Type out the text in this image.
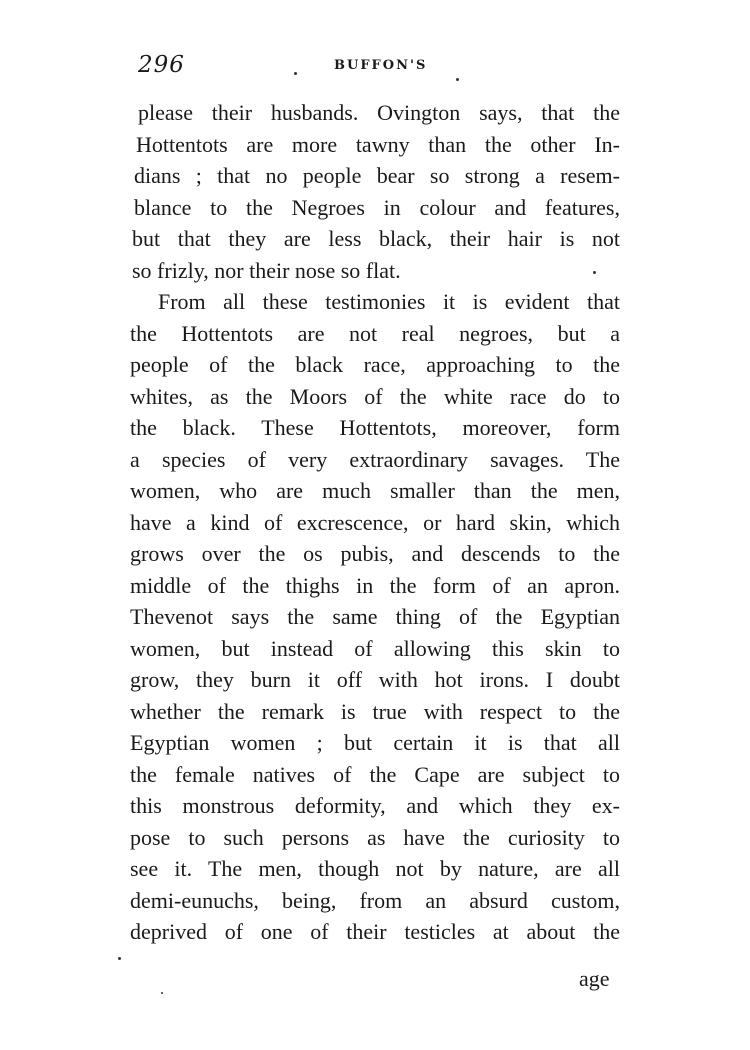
296	BUFFON'S
please their husbands. Ovington says, that the
Hottentots are more tawny than the other In-
dians ; that no people bear so strong a resem-
blance to the Negroes in colour and features,
but that they are less black, their hair is not
so frizly, nor their nose so flat.
From all these testimonies it is evident that
the Hottentots are not real negroes, but a
people of the black race, approaching to the
whites, as the Moors of the white race do to
the black. These Hottentots, moreover, form
a species of very extraordinary savages. The
women, who are much smaller than the men,
have a kind of excrescence, or hard skin, which
grows over the os pubis, and descends to the
middle of the thighs in the form of an apron.
Thevenot says the same thing of the Egyptian
women, but instead of allowing this skin to
grow, they burn it off with hot irons. I doubt
whether the remark is true with respect to the
Egyptian women ; but certain it is that all
the female natives of the Cape are subject to
this monstrous deformity, and which they ex-
pose to such persons as have the curiosity to
see it. The men, though not by nature, are all
demi-eunuchs, being, from an absurd custom,
deprived of one of their testicles at about the
age
